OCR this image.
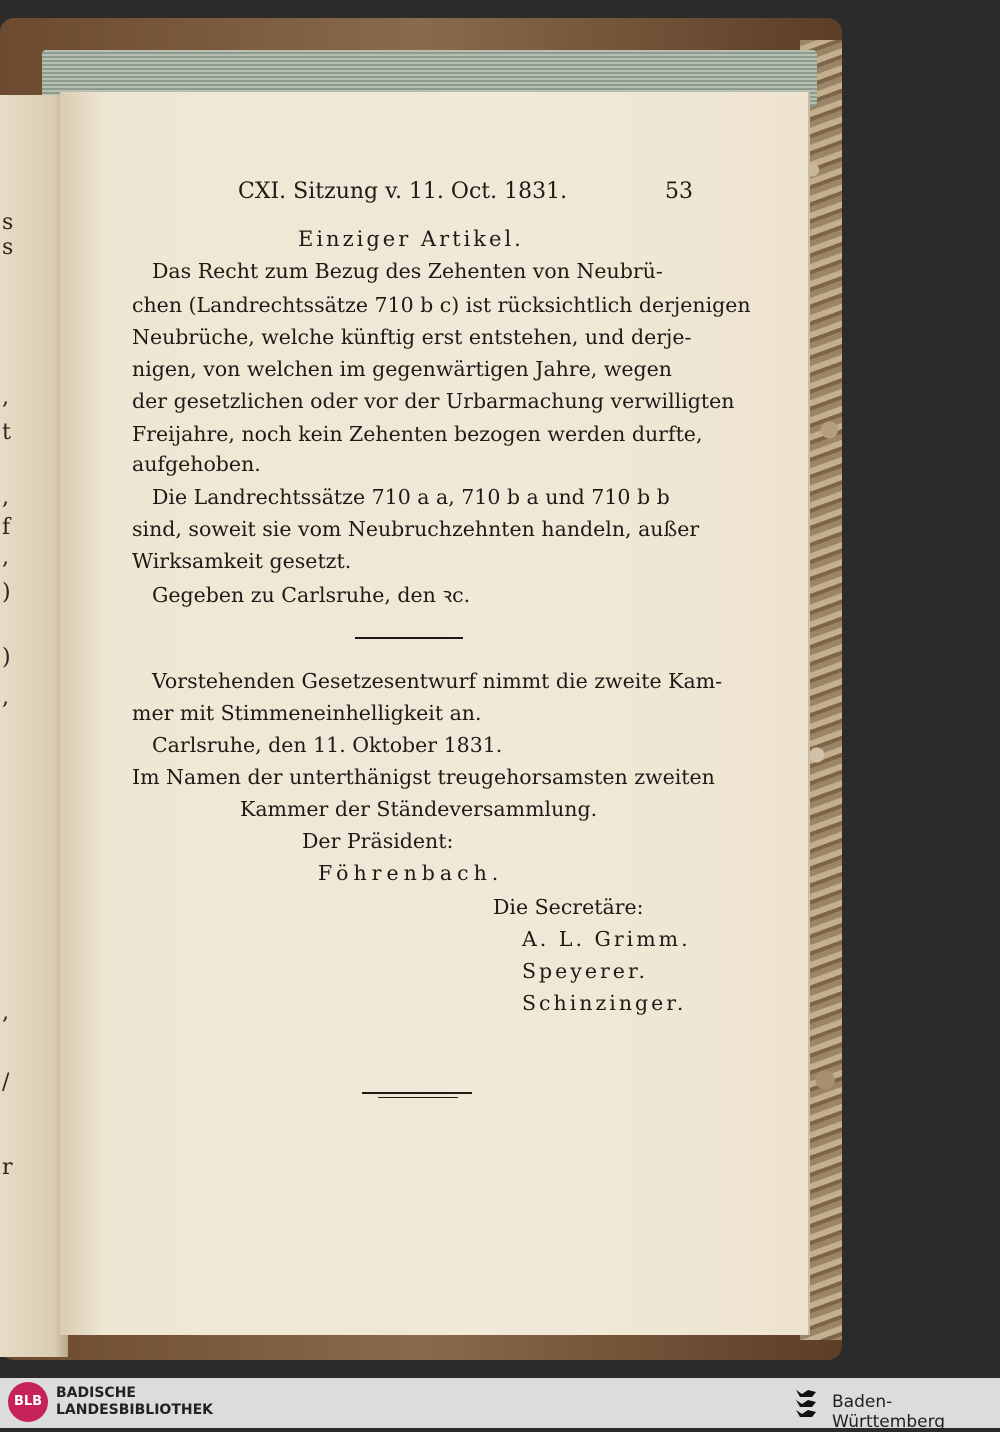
s
s
,
t
,
f
,
)
)
,
,
/
r
CXI. Sitzung v. 11. Oct. 1831.	53
Einziger Artikel.
Das Recht zum Bezug des Zehenten von Neubrü-
chen (Landrechtssätze 710 b c) ist rücksichtlich derjenigen
Neubrüche, welche künftig erst entstehen, und derje-
nigen, von welchen im gegenwärtigen Jahre, wegen
der gesetzlichen oder vor der Urbarmachung verwilligten
Freijahre, noch kein Zehenten bezogen werden durfte,
aufgehoben.
Die Landrechtssätze 710 a a, 710 b a und 710 b b
sind, soweit sie vom Neubruchzehnten handeln, außer
Wirksamkeit gesetzt.
Gegeben zu Carlsruhe, den ꝛc.
Vorstehenden Gesetzesentwurf nimmt die zweite Kam-
mer mit Stimmeneinhelligkeit an.
Carlsruhe, den 11. Oktober 1831.
Im Namen der unterthänigst treugehorsamsten zweiten
Kammer der Ständeversammlung.
Der Präsident:
Föhrenbach.
Die Secretäre:
A. L. Grimm.
Speyerer.
Schinzinger.
BLB
BADISCHE
LANDESBIBLIOTHEK	Baden-Württemberg
